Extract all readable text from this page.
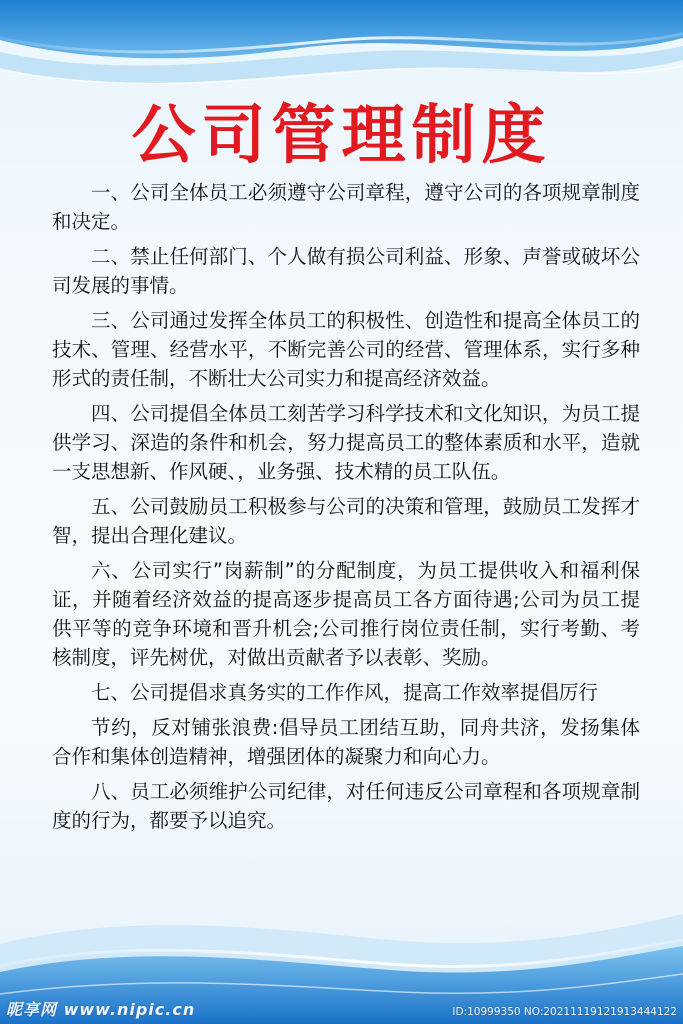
公司管理制度

一、公司全体员工必须遵守公司章程，遵守公司的各项规章制度和决定。

二、禁止任何部门、个人做有损公司利益、形象、声誉或破坏公司发展的事情。

三、公司通过发挥全体员工的积极性、创造性和提高全体员工的技术、管理、经营水平，不断完善公司的经营、管理体系，实行多种形式的责任制，不断壮大公司实力和提高经济效益。

四、公司提倡全体员工刻苦学习科学技术和文化知识，为员工提供学习、深造的条件和机会，努力提高员工的整体素质和水平，造就一支思想新、作风硬、，业务强、技术精的员工队伍。

五、公司鼓励员工积极参与公司的决策和管理，鼓励员工发挥才智，提出合理化建议。

六、公司实行”岗薪制”的分配制度，为员工提供收入和福利保证，并随着经济效益的提高逐步提高员工各方面待遇;公司为员工提供平等的竞争环境和晋升机会;公司推行岗位责任制，实行考勤、考核制度，评先树优，对做出贡献者予以表彰、奖励。

七、公司提倡求真务实的工作作风，提高工作效率提倡厉行

节约，反对铺张浪费:倡导员工团结互助，同舟共济，发扬集体合作和集体创造精神，增强团体的凝聚力和向心力。

八、员工必须维护公司纪律，对任何违反公司章程和各项规章制度的行为，都要予以追究。

昵享网 www.nipic.cn	ID:10999350 NO:20211119121913444122
